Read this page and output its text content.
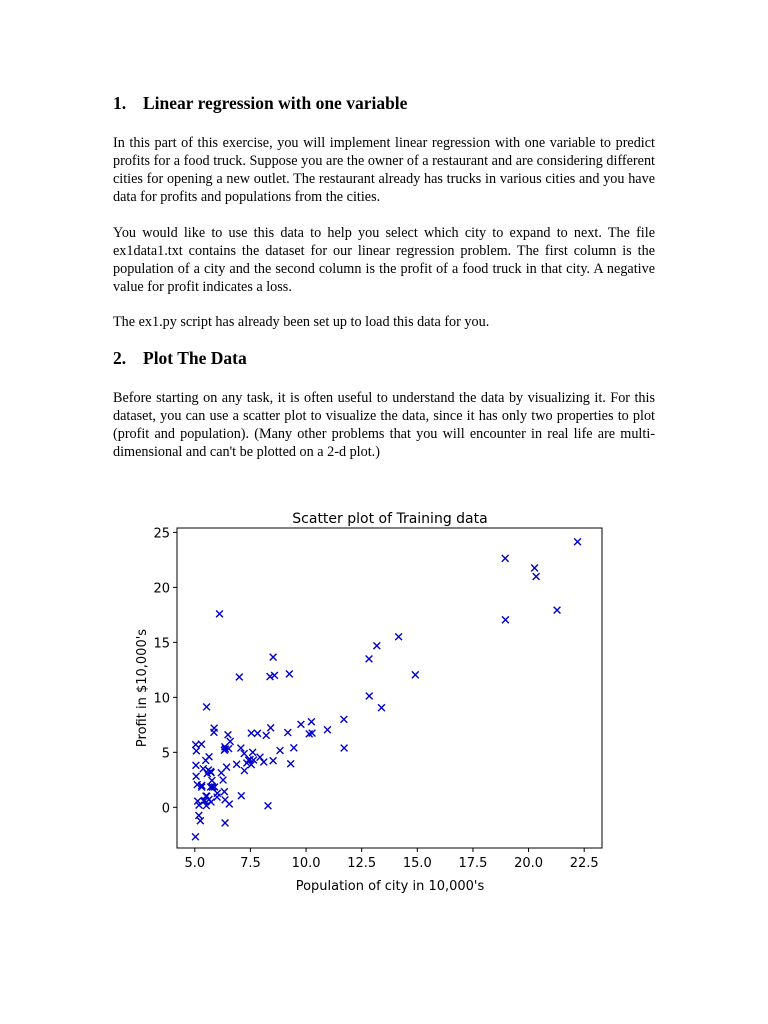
1. Linear regression with one variable

In this part of this exercise, you will implement linear regression with one variable to predict profits for a food truck. Suppose you are the owner of a restaurant and are considering different cities for opening a new outlet. The restaurant already has trucks in various cities and you have data for profits and populations from the cities.

You would like to use this data to help you select which city to expand to next. The file ex1data1.txt contains the dataset for our linear regression problem. The first column is the population of a city and the second column is the profit of a food truck in that city. A negative value for profit indicates a loss.

The ex1.py script has already been set up to load this data for you.

2. Plot The Data

Before starting on any task, it is often useful to understand the data by visualizing it. For this dataset, you can use a scatter plot to visualize the data, since it has only two properties to plot (profit and population). (Many other problems that you will encounter in real life are multi-dimensional and can't be plotted on a 2-d plot.)

Scatter plot of Training data
5.0	7.5 10.0 12.5 15.0 17.5 20.0 22.5
0
5
10
15
20
25
Population of city in 10,000's
Profit in $10,000's
